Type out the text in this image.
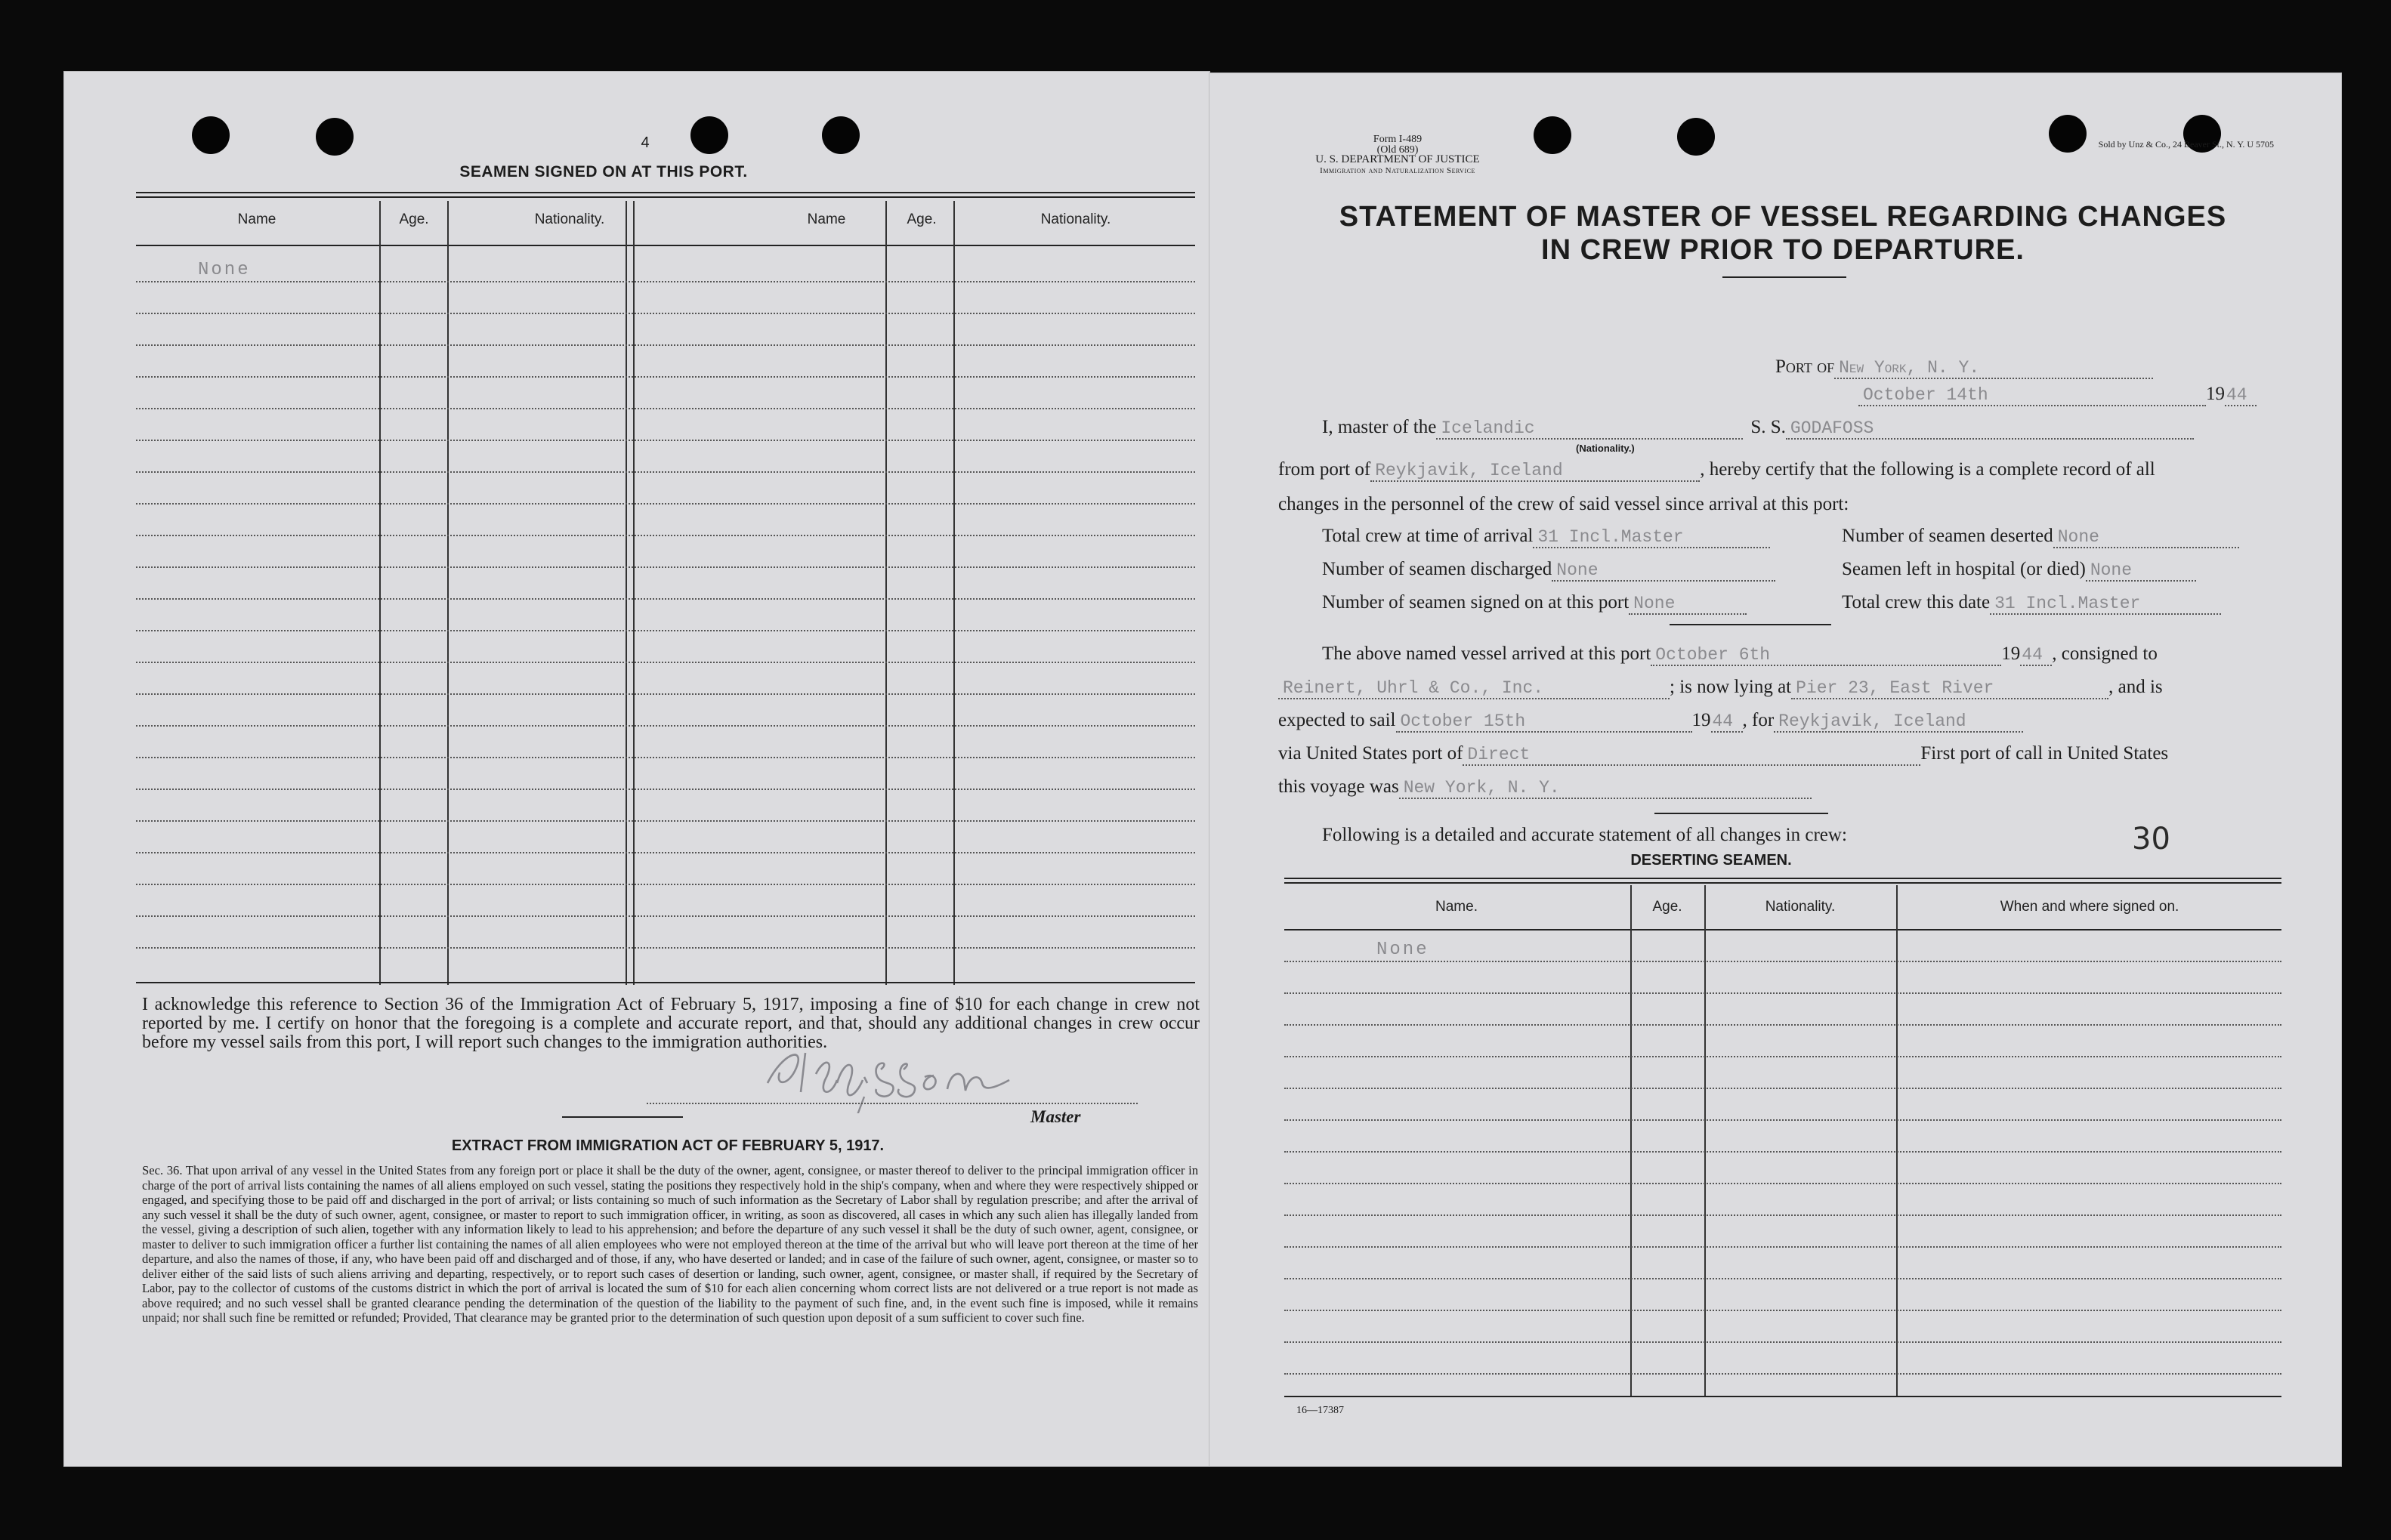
4
SEAMEN SIGNED ON AT THIS PORT.
Name	Age.	Nationality.	Name	Age.	Nationality.
None
I acknowledge this reference to Section 36 of the Immigration Act of February 5, 1917, imposing a fine of $10 for each change in crew not reported by me. I certify on honor that the foregoing is a complete and accurate report, and that, should any additional changes in crew occur before my vessel sails from this port, I will report such changes to the immigration authorities.
Master
EXTRACT FROM IMMIGRATION ACT OF FEBRUARY 5, 1917.
Sec. 36. That upon arrival of any vessel in the United States from any foreign port or place it shall be the duty of the owner, agent, consignee, or master thereof to deliver to the principal immigration officer in charge of the port of arrival lists containing the names of all aliens employed on such vessel, stating the positions they respectively hold in the ship's company, when and where they were respectively shipped or engaged, and specifying those to be paid off and discharged in the port of arrival; or lists containing so much of such information as the Secretary of Labor shall by regulation prescribe; and after the arrival of any such vessel it shall be the duty of such owner, agent, consignee, or master to report to such immigration officer, in writing, as soon as discovered, all cases in which any such alien has illegally landed from the vessel, giving a description of such alien, together with any information likely to lead to his apprehension; and before the departure of any such vessel it shall be the duty of such owner, agent, consignee, or master to deliver to such immigration officer a further list containing the names of all alien employees who were not employed thereon at the time of the arrival but who will leave port thereon at the time of her departure, and also the names of those, if any, who have been paid off and discharged and of those, if any, who have deserted or landed; and in case of the failure of such owner, agent, consignee, or master so to deliver either of the said lists of such aliens arriving and departing, respectively, or to report such cases of desertion or landing, such owner, agent, consignee, or master shall, if required by the Secretary of Labor, pay to the collector of customs of the customs district in which the port of arrival is located the sum of $10 for each alien concerning whom correct lists are not delivered or a true report is not made as above required; and no such vessel shall be granted clearance pending the determination of the question of the liability to the payment of such fine, and, in the event such fine is imposed, while it remains unpaid; nor shall such fine be remitted or refunded; Provided, That clearance may be granted prior to the determination of such question upon deposit of a sum sufficient to cover such fine.
Form I-489
(Old 689)
U. S. DEPARTMENT OF JUSTICE
Immigration and Naturalization Service
Sold by Unz & Co., 24 Beaver St., N. Y. U 5705
STATEMENT OF MASTER OF VESSEL REGARDING CHANGES
IN CREW PRIOR TO DEPARTURE.
Port of New York, N. Y.
October 14th	1944
I, master of the Icelandic	S. S. GODAFOSS
(Nationality.)
from port of Reykjavik, Iceland	, hereby certify that the following is a complete record of all
changes in the personnel of the crew of said vessel since arrival at this port:
Total crew at time of arrival 31 Incl.Master	Number of seamen deserted None
Number of seamen discharged None	Seamen left in hospital (or died) None
Number of seamen signed on at this port None	Total crew this date 31 Incl.Master
The above named vessel arrived at this port October 6th	1944 , consigned to
Reinert, Uhrl & Co., Inc.	; is now lying at Pier 23, East River	, and is
expected to sail October 15th	1944 , for Reykjavik, Iceland
via United States port of Direct	First port of call in United States
this voyage was New York, N. Y.
Following is a detailed and accurate statement of all changes in crew:	30
DESERTING SEAMEN.
Name.	Age.	Nationality.	When and where signed on.
None
16—17387
